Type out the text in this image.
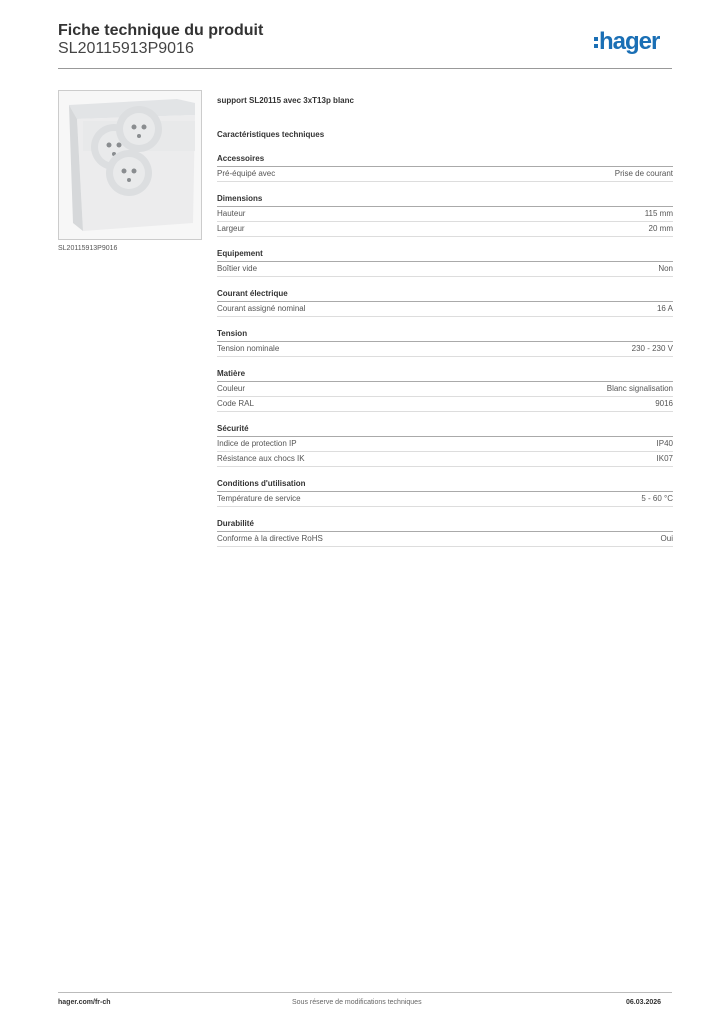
Fiche technique du produit
SL20115913P9016	hager
SL20115913P9016
support SL20115 avec 3xT13p blanc
Caractéristiques techniques
Accessoires
Pré-équipé avec	Prise de courant
Dimensions
Hauteur	115 mm
Largeur	20 mm
Equipement
Boîtier vide	Non
Courant électrique
Courant assigné nominal	16 A
Tension
Tension nominale	230 - 230 V
Matière
Couleur	Blanc signalisation
Code RAL	9016
Sécurité
Indice de protection IP	IP40
Résistance aux chocs IK	IK07
Conditions d'utilisation
Température de service	5 - 60 °C
Durabilité
Conforme à la directive RoHS	Oui
hager.com/fr-ch	Sous réserve de modifications techniques	06.03.2026
